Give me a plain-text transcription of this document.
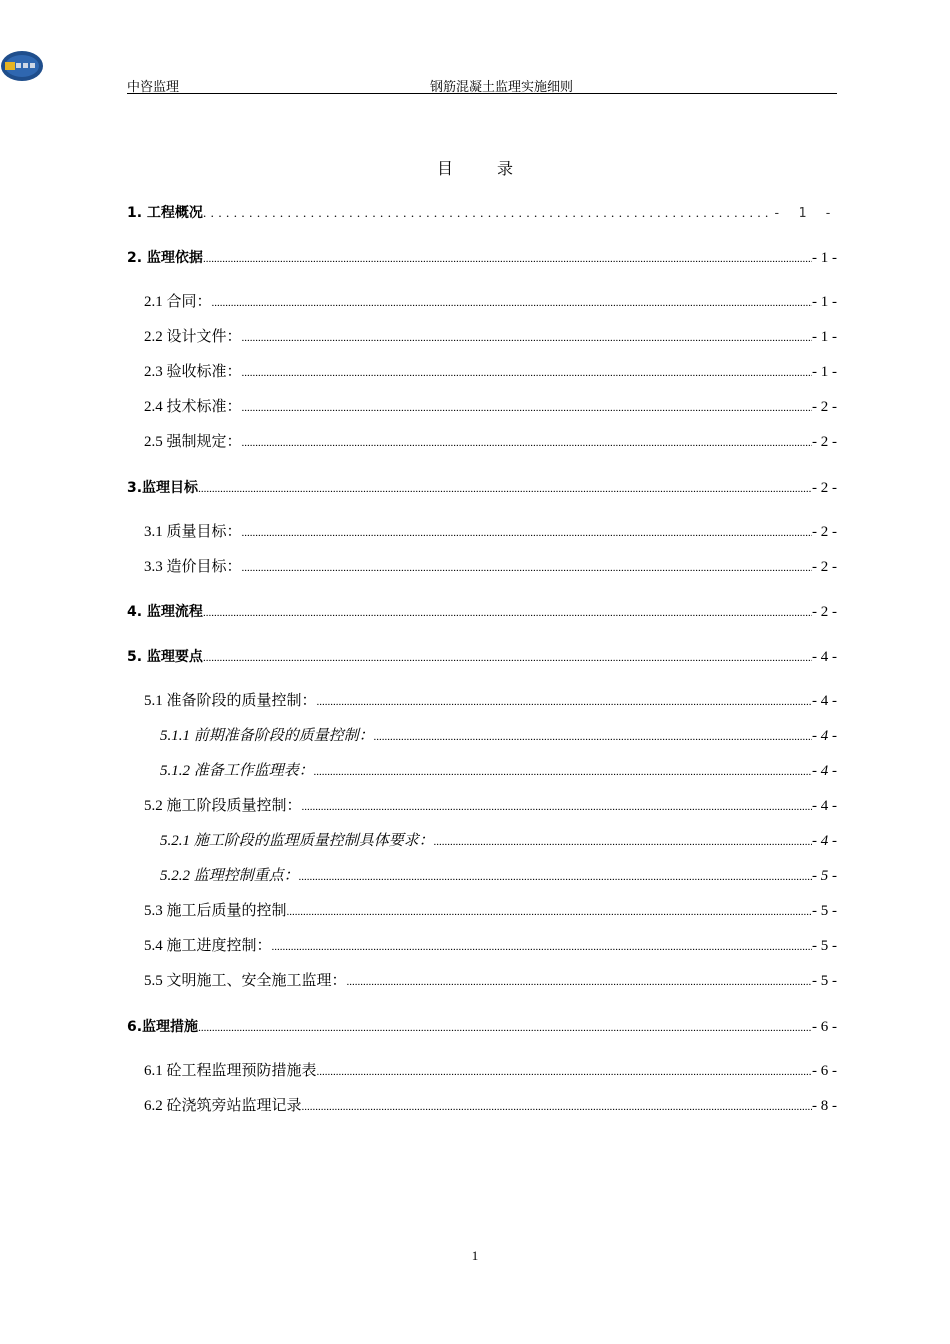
中咨监理	钢筋混凝土监理实施细则
目 录
1. 工程概况 . . .	- 1 -
2. 监理依据 .....	- 1 -
2.1 合同： .....	- 1 -
2.2 设计文件： .....	- 1 -
2.3 验收标准： .....	- 1 -
2.4 技术标准： .....	- 2 -
2.5 强制规定： .....	- 2 -
3.监理目标 .....	- 2 -
3.1 质量目标： .....	- 2 -
3.3 造价目标： .....	- 2 -
4. 监理流程 .....	- 2 -
5. 监理要点 .....	- 4 -
5.1 准备阶段的质量控制： .....	- 4 -
5.1.1 前期准备阶段的质量控制： .....	- 4 -
5.1.2 准备工作监理表： .....	- 4 -
5.2 施工阶段质量控制： .....	- 4 -
5.2.1 施工阶段的监理质量控制具体要求： .....	- 4 -
5.2.2 监理控制重点： .....	- 5 -
5.3 施工后质量的控制 .....	- 5 -
5.4 施工进度控制： .....	- 5 -
5.5 文明施工、安全施工监理： .....	- 5 -
6.监理措施 .....	- 6 -
6.1 砼工程监理预防措施表 .....	- 6 -
6.2 砼浇筑旁站监理记录 .....	- 8 -
1
